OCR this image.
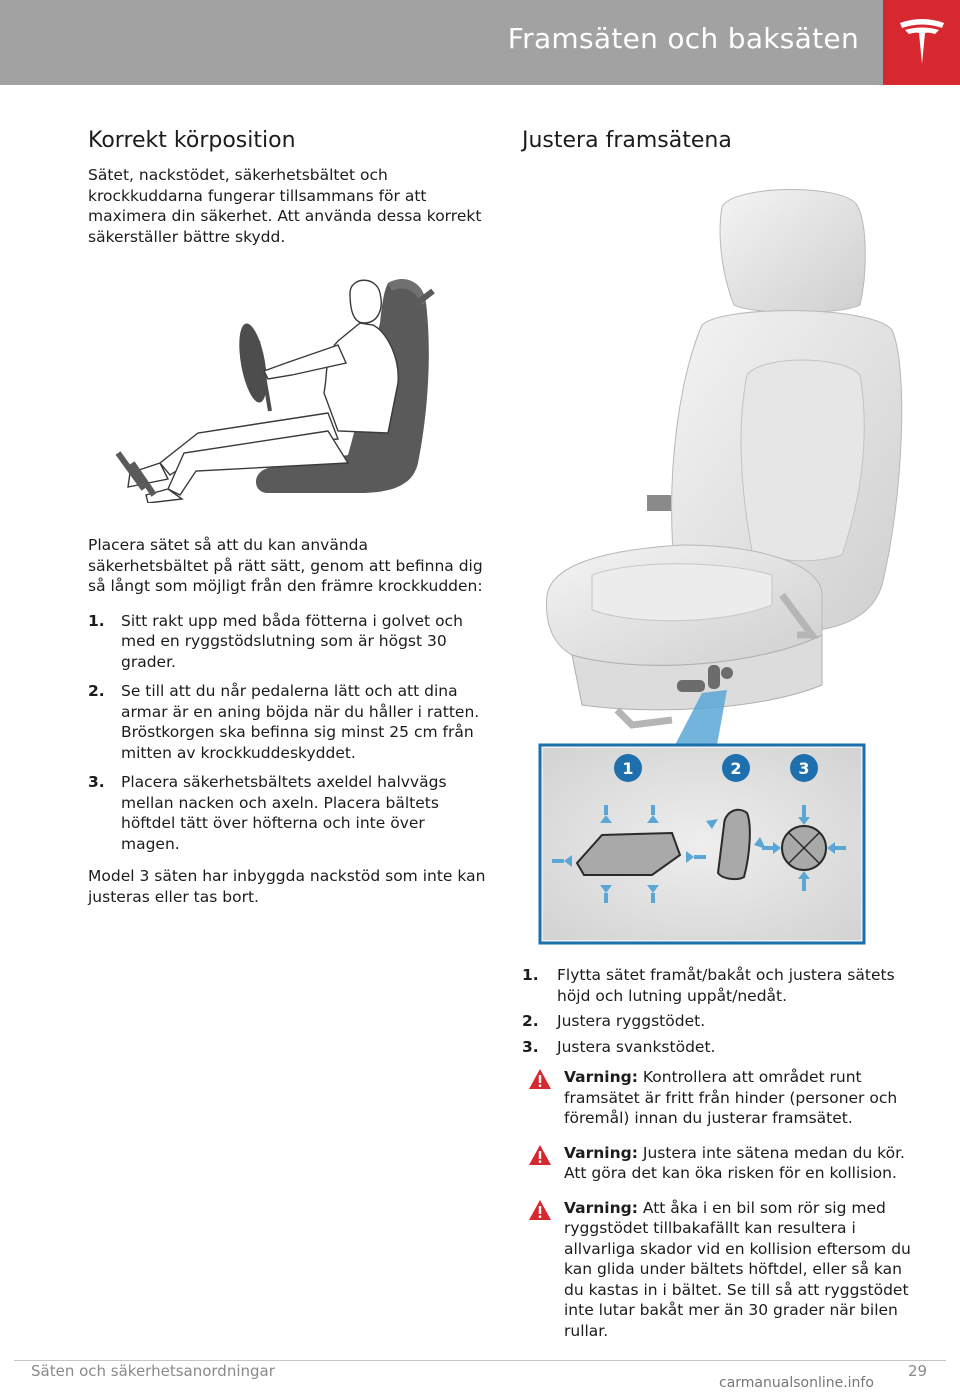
Framsäten och baksäten
Korrekt körposition

Sätet, nackstödet, säkerhetsbältet och krockkuddarna fungerar tillsammans för att maximera din säkerhet. Att använda dessa korrekt säkerställer bättre skydd.

Placera sätet så att du kan använda säkerhetsbältet på rätt sätt, genom att befinna dig så långt som möjligt från den främre krockkudden:

1. Sitt rakt upp med båda fötterna i golvet och med en ryggstödslutning som är högst 30 grader.
2. Se till att du når pedalerna lätt och att dina armar är en aning böjda när du håller i ratten. Bröstkorgen ska befinna sig minst 25 cm från mitten av krockkuddeskyddet.
3. Placera säkerhetsbältets axeldel halvvägs mellan nacken och axeln. Placera bältets höftdel tätt över höfterna och inte över magen.

Model 3 säten har inbyggda nackstöd som inte kan justeras eller tas bort.

Justera framsätena
1	2	3
1. Flytta sätet framåt/bakåt och justera sätets höjd och lutning uppåt/nedåt.
2. Justera ryggstödet.
3. Justera svankstödet.
Varning: Kontrollera att området runt framsätet är fritt från hinder (personer och föremål) innan du justerar framsätet.
Varning: Justera inte sätena medan du kör. Att göra det kan öka risken för en kollision.
Varning: Att åka i en bil som rör sig med ryggstödet tillbakafällt kan resultera i allvarliga skador vid en kollision eftersom du kan glida under bältets höftdel, eller så kan du kastas in i bältet. Se till så att ryggstödet inte lutar bakåt mer än 30 grader när bilen rullar.
Säten och säkerhetsanordningar	29
carmanualsonline.info
